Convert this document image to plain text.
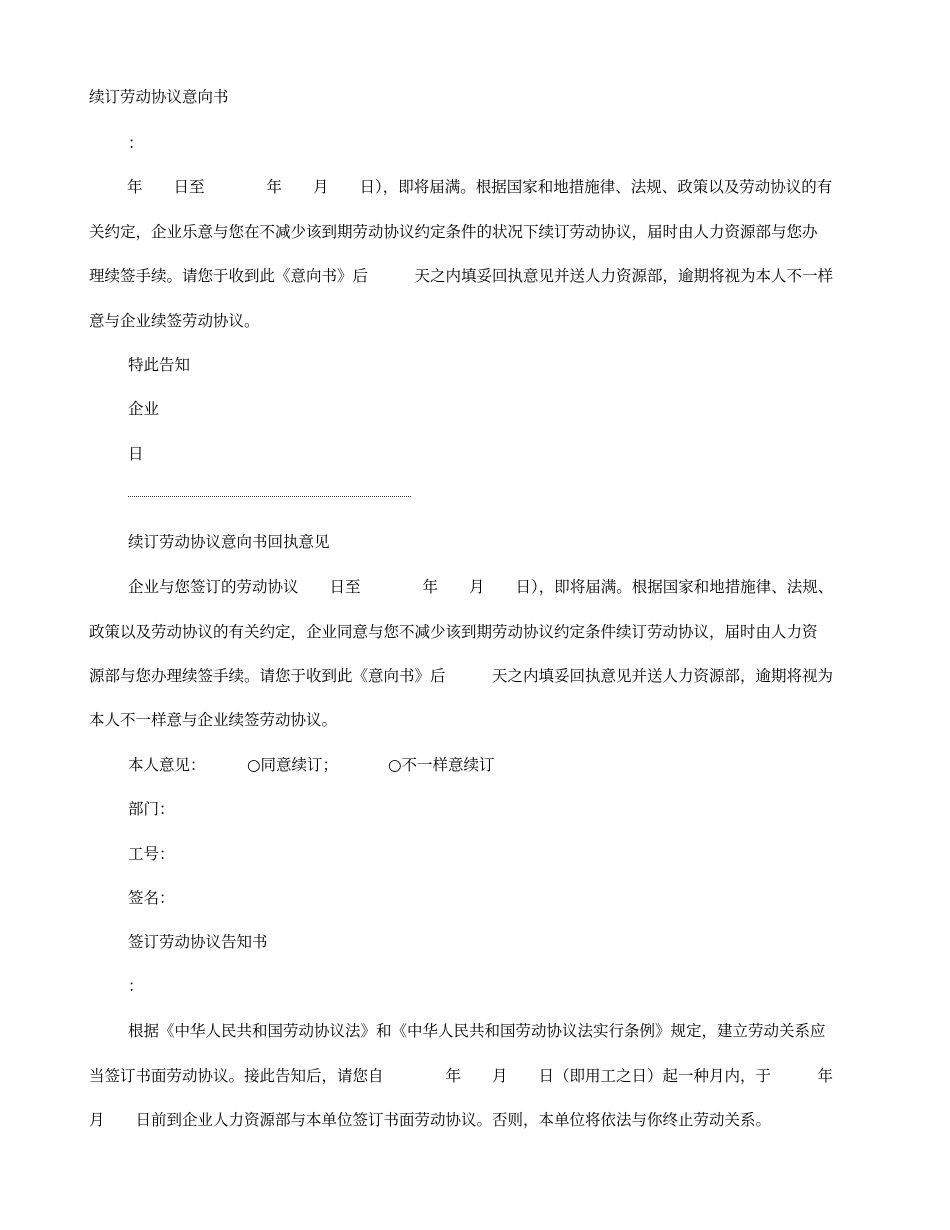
续订劳动协议意向书
：
年　　日至　　　　年　　月　　日），即将届满。根据国家和地措施律、法规、政策以及劳动协议的有
关约定，企业乐意与您在不减少该到期劳动协议约定条件的状况下续订劳动协议，届时由人力资源部与您办
理续签手续。请您于收到此《意向书》后　　　天之内填妥回执意见并送人力资源部，逾期将视为本人不一样
意与企业续签劳动协议。
特此告知
企业
日
续订劳动协议意向书回执意见
企业与您签订的劳动协议　　日至　　　　年　　月　　日），即将届满。根据国家和地措施律、法规、
政策以及劳动协议的有关约定，企业同意与您不减少该到期劳动协议约定条件续订劳动协议，届时由人力资
源部与您办理续签手续。请您于收到此《意向书》后　　　天之内填妥回执意见并送人力资源部，逾期将视为
本人不一样意与企业续签劳动协议。
本人意见：	○同意续订；	○不一样意续订
部门：
工号：
签名：
签订劳动协议告知书
：
根据《中华人民共和国劳动协议法》和《中华人民共和国劳动协议法实行条例》规定，建立劳动关系应
当签订书面劳动协议。接此告知后，请您自　　　　年　　月　　日（即用工之日）起一种月内，于　　　年
月　　日前到企业人力资源部与本单位签订书面劳动协议。否则，本单位将依法与你终止劳动关系。
